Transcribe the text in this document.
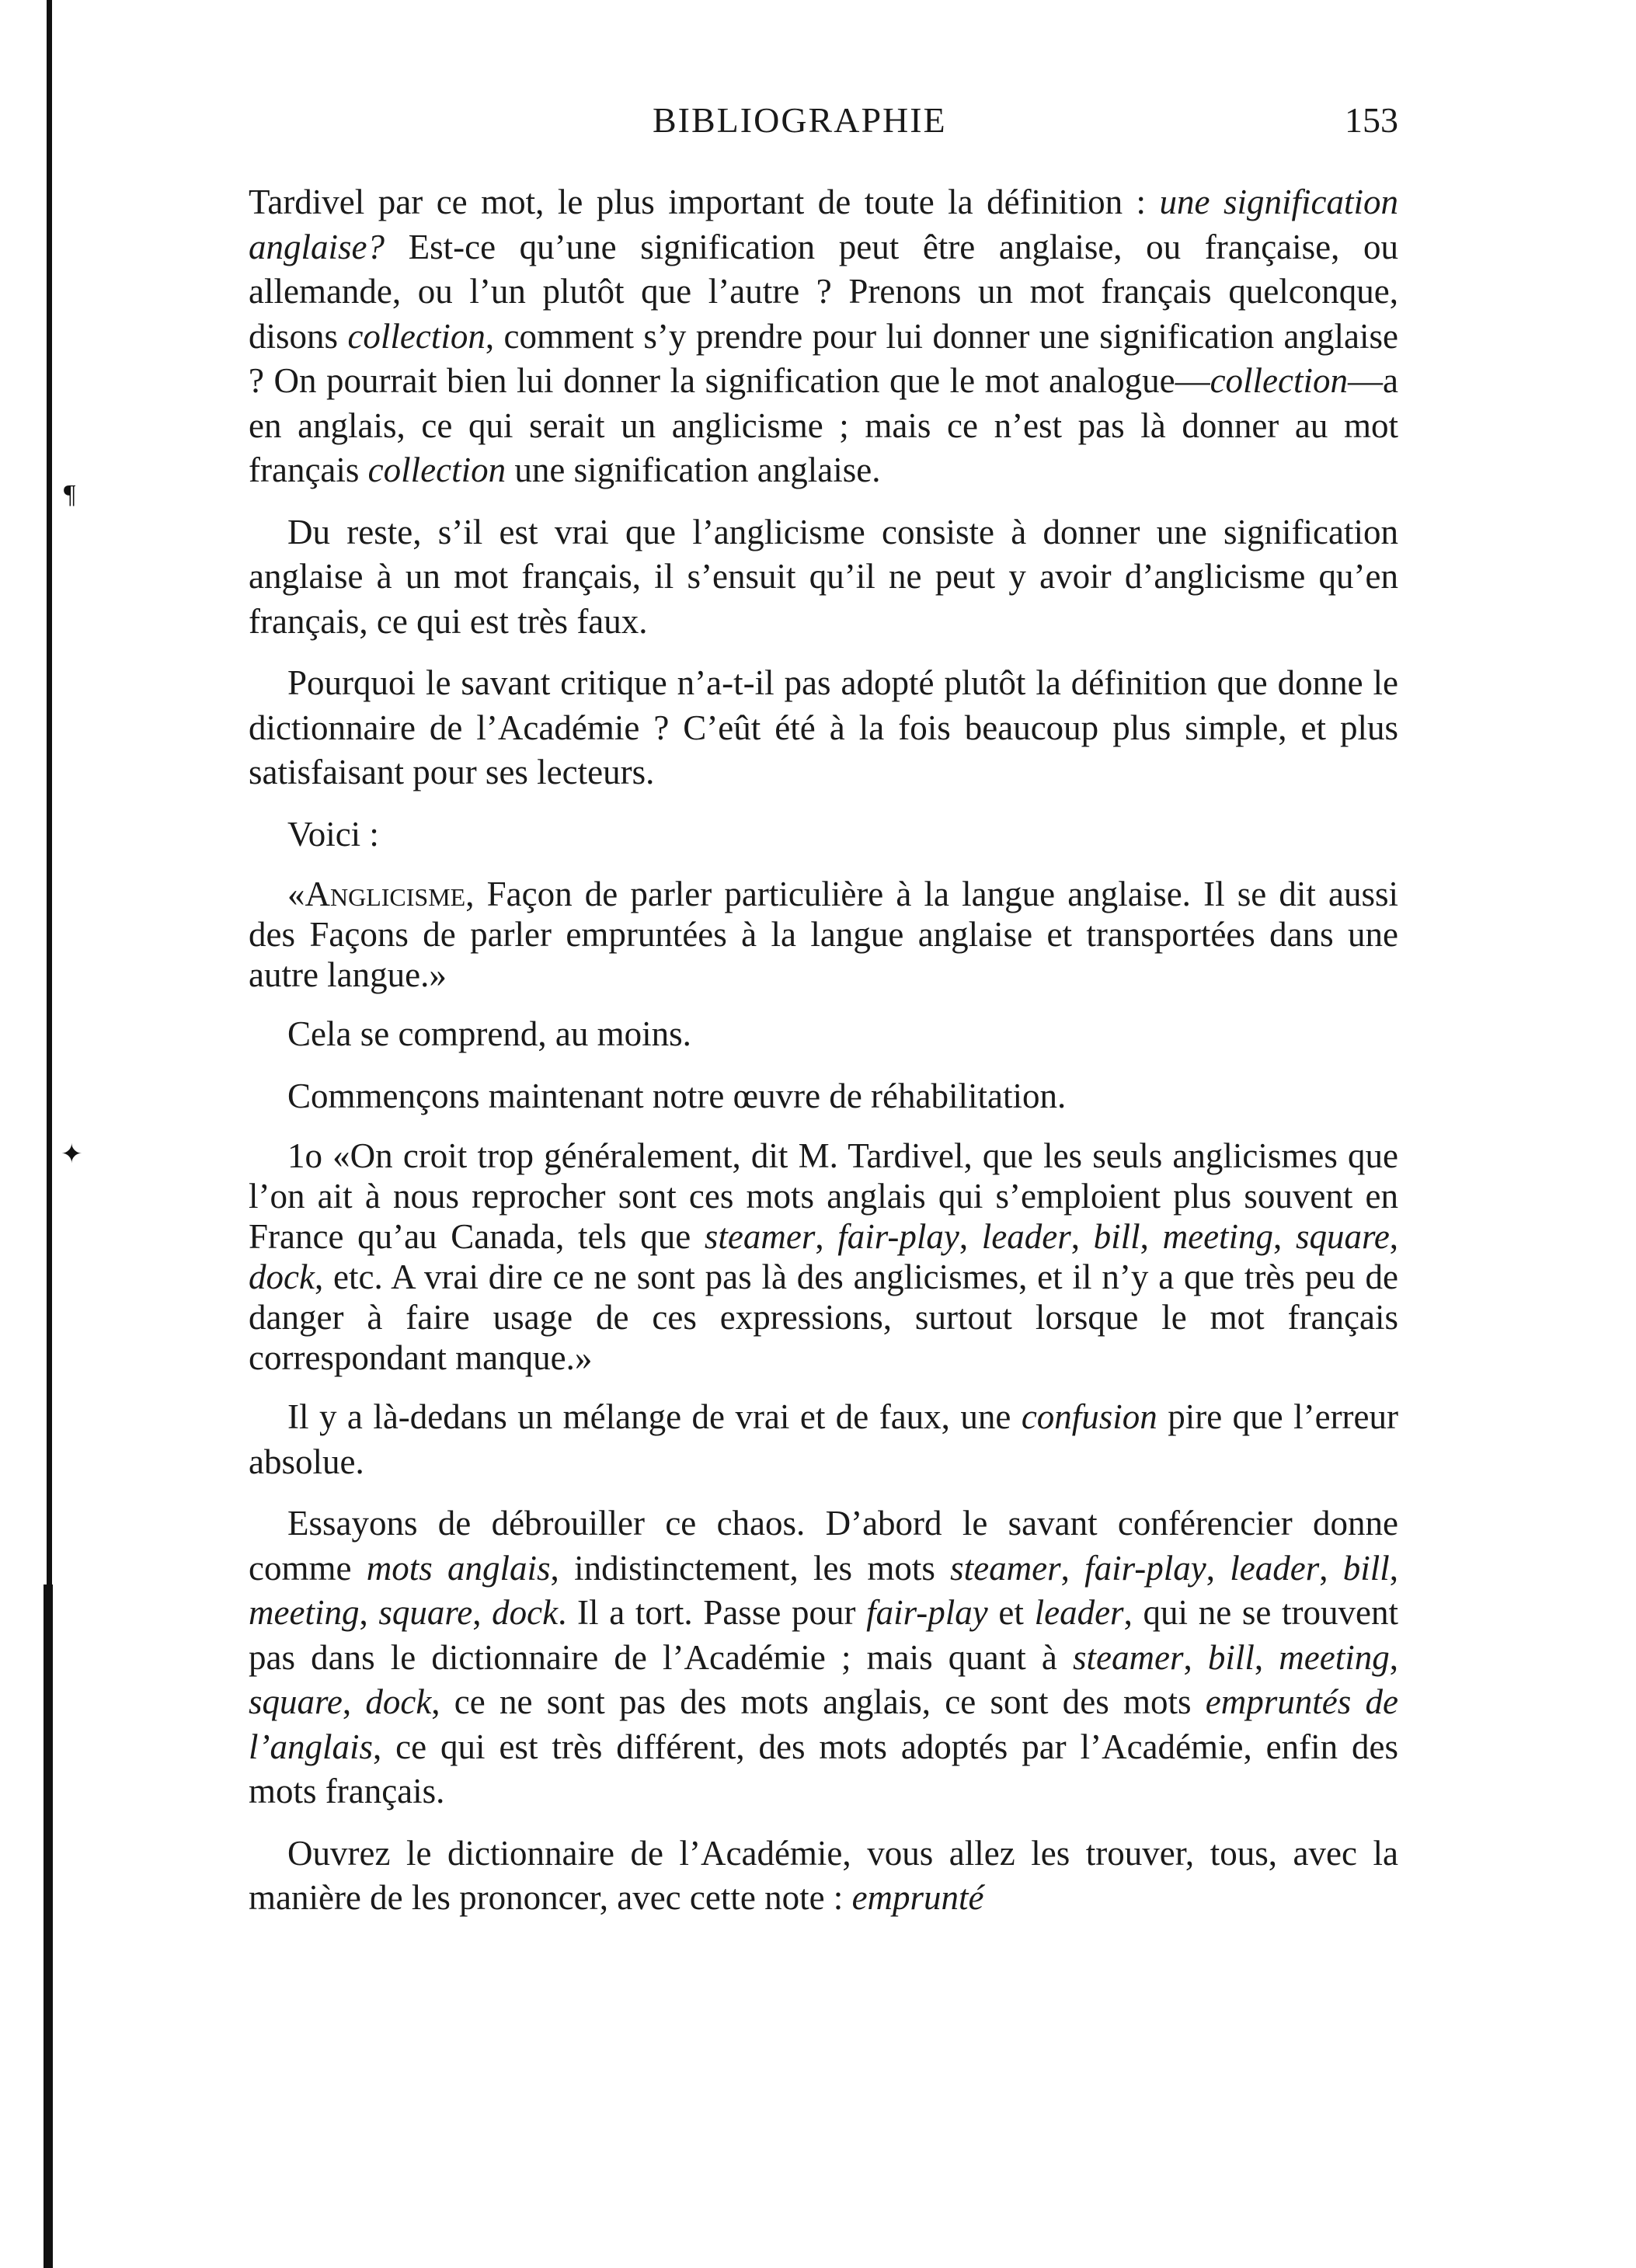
¶
✦
BIBLIOGRAPHIE	153

Tardivel par ce mot, le plus important de toute la définition : une signification anglaise? Est-ce qu’une signification peut être anglaise, ou française, ou allemande, ou l’un plutôt que l’autre ? Prenons un mot français quelconque, disons collection, comment s’y prendre pour lui donner une signification anglaise ? On pourrait bien lui donner la signification que le mot analogue—collection—a en anglais, ce qui serait un anglicisme ; mais ce n’est pas là donner au mot français collection une signification anglaise.

Du reste, s’il est vrai que l’anglicisme consiste à donner une signification anglaise à un mot français, il s’ensuit qu’il ne peut y avoir d’anglicisme qu’en français, ce qui est très faux.

Pourquoi le savant critique n’a-t-il pas adopté plutôt la définition que donne le dictionnaire de l’Académie ? C’eût été à la fois beaucoup plus simple, et plus satisfaisant pour ses lecteurs.

Voici :

«Anglicisme, Façon de parler particulière à la langue anglaise. Il se dit aussi des Façons de parler empruntées à la langue anglaise et transportées dans une autre langue.»

Cela se comprend, au moins.

Commençons maintenant notre œuvre de réhabilitation.

1o «On croit trop généralement, dit M. Tardivel, que les seuls anglicismes que l’on ait à nous reprocher sont ces mots anglais qui s’emploient plus souvent en France qu’au Canada, tels que steamer, fair-play, leader, bill, meeting, square, dock, etc. A vrai dire ce ne sont pas là des anglicismes, et il n’y a que très peu de danger à faire usage de ces expressions, surtout lorsque le mot français correspondant manque.»

Il y a là-dedans un mélange de vrai et de faux, une confusion pire que l’erreur absolue.

Essayons de débrouiller ce chaos. D’abord le savant conférencier donne comme mots anglais, indistinctement, les mots steamer, fair-play, leader, bill, meeting, square, dock. Il a tort. Passe pour fair-play et leader, qui ne se trouvent pas dans le dictionnaire de l’Académie ; mais quant à steamer, bill, meeting, square, dock, ce ne sont pas des mots anglais, ce sont des mots empruntés de l’anglais, ce qui est très différent, des mots adoptés par l’Académie, enfin des mots français.

Ouvrez le dictionnaire de l’Académie, vous allez les trouver, tous, avec la manière de les prononcer, avec cette note : emprunté
